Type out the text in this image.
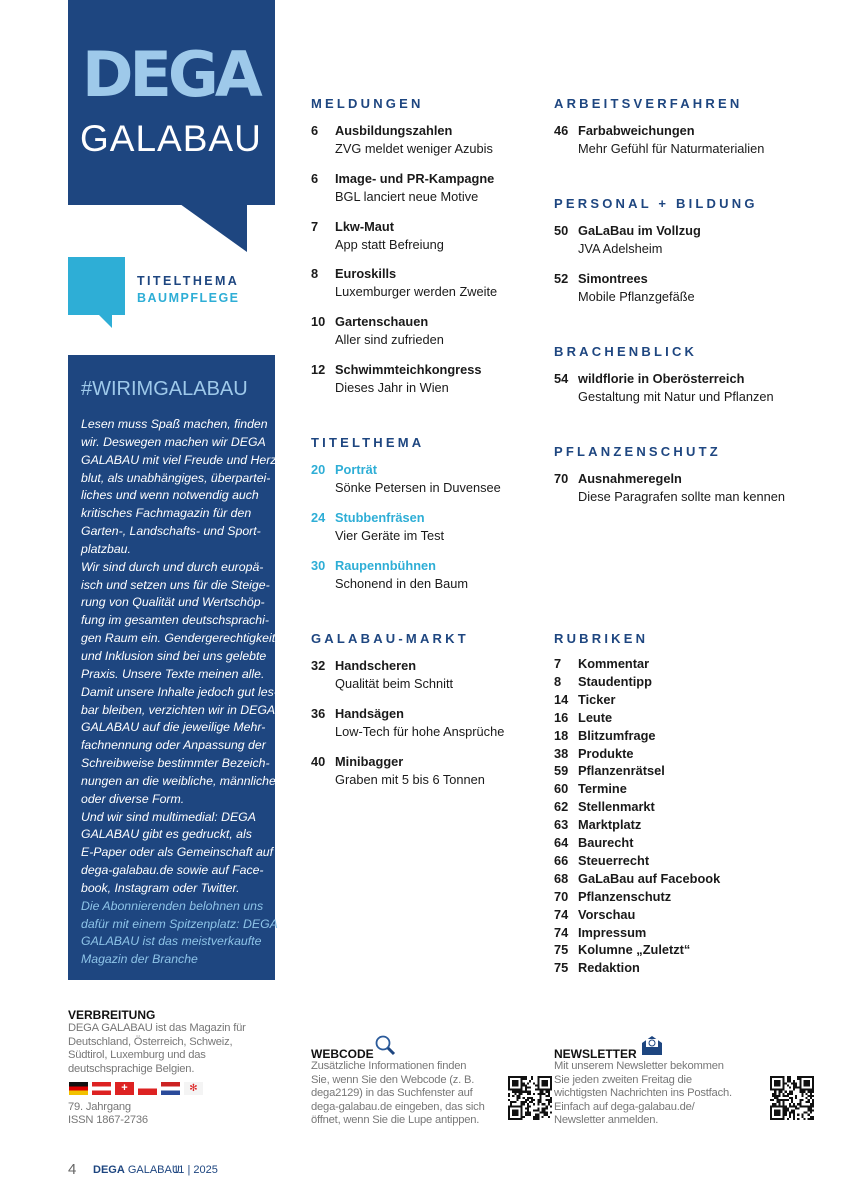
DEGA
GALABAU
TITELTHEMA
BAUMPFLEGE
#WIRIMGALABAU
Lesen muss Spaß machen, finden
wir. Deswegen machen wir DEGA
GALABAU mit viel Freude und Herz-
blut, als unabhängiges, überpartei-
liches und wenn notwendig auch
kritisches Fachmagazin für den
Garten-, Landschafts- und Sport-
platzbau.
Wir sind durch und durch europä-
isch und setzen uns für die Steige-
rung von Qualität und Wertschöp-
fung im gesamten deutschsprachi-
gen Raum ein. Gendergerechtigkeit
und Inklusion sind bei uns gelebte
Praxis. Unsere Texte meinen alle.
Damit unsere Inhalte jedoch gut les-
bar bleiben, verzichten wir in DEGA
GALABAU auf die jeweilige Mehr-
fachnennung oder Anpassung der
Schreibweise bestimmter Bezeich-
nungen an die weibliche, männliche
oder diverse Form.
Und wir sind multimedial: DEGA
GALABAU gibt es gedruckt, als
E-Paper oder als Gemeinschaft auf
dega-galabau.de sowie auf Face-
book, Instagram oder Twitter.
Die Abonnierenden belohnen uns
dafür mit einem Spitzenplatz: DEGA
GALABAU ist das meistverkaufte
Magazin der Branche
MELDUNGEN
6 Ausbildungszahlen
ZVG meldet weniger Azubis
6 Image- und PR-Kampagne
BGL lanciert neue Motive
7 Lkw-Maut
App statt Befreiung
8 Euroskills
Luxemburger werden Zweite
10 Gartenschauen
Aller sind zufrieden
12 Schwimmteichkongress
Dieses Jahr in Wien
TITELTHEMA
20 Porträt
Sönke Petersen in Duvensee
24 Stubbenfräsen
Vier Geräte im Test
30 Raupennbühnen
Schonend in den Baum
GALABAU-MARKT
32 Handscheren
Qualität beim Schnitt
36 Handsägen
Low-Tech für hohe Ansprüche
40 Minibagger
Graben mit 5 bis 6 Tonnen
ARBEITSVERFAHREN
46 Farbabweichungen
Mehr Gefühl für Naturmaterialien
PERSONAL + BILDUNG
50 GaLaBau im Vollzug
JVA Adelsheim
52 Simontrees
Mobile Pflanzgefäße
BRACHENBLICK
54 wildflorie in Oberösterreich
Gestaltung mit Natur und Pflanzen
PFLANZENSCHUTZ
70 Ausnahmeregeln
Diese Paragrafen sollte man kennen
RUBRIKEN
7 Kommentar
8 Staudentipp
14 Ticker
16 Leute
18 Blitzumfrage
38 Produkte
59 Pflanzenrätsel
60 Termine
62 Stellenmarkt
63 Marktplatz
64 Baurecht
66 Steuerrecht
68 GaLaBau auf Facebook
70 Pflanzenschutz
74 Vorschau
74 Impressum
75 Kolumne „Zuletzt“
75 Redaktion
VERBREITUNG
DEGA GALABAU ist das Magazin für
Deutschland, Österreich, Schweiz,
Südtirol, Luxemburg und das
deutschsprachige Belgien.
+	✻
79. Jahrgang
ISSN 1867-2736
WEBCODE
Zusätzliche Informationen finden
Sie, wenn Sie den Webcode (z. B.
dega2129) in das Suchfenster auf
dega-galabau.de eingeben, das sich
öffnet, wenn Sie die Lupe antippen.
NEWSLETTER
Mit unserem Newsletter bekommen
Sie jeden zweiten Freitag die
wichtigsten Nachrichten ins Postfach.
Einfach auf dega-galabau.de/
Newsletter anmelden.
4 DEGA GALABAU
11 | 2025
